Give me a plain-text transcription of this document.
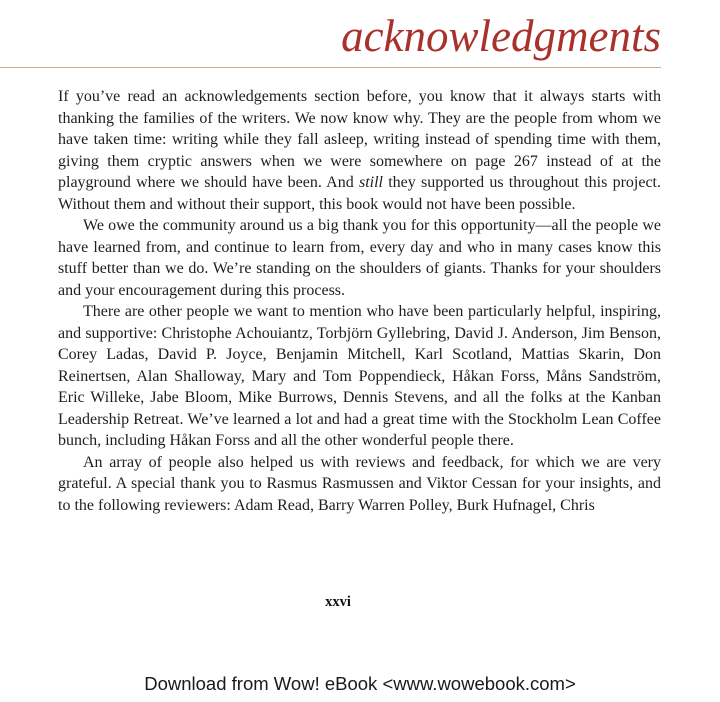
acknowledgments

If you’ve read an acknowledgements section before, you know that it always starts with thanking the families of the writers. We now know why. They are the people from whom we have taken time: writing while they fall asleep, writing instead of spending time with them, giving them cryptic answers when we were somewhere on page 267 instead of at the playground where we should have been. And still they supported us throughout this project. Without them and without their support, this book would not have been possible.

We owe the community around us a big thank you for this opportunity—all the people we have learned from, and continue to learn from, every day and who in many cases know this stuff better than we do. We’re standing on the shoulders of giants. Thanks for your shoulders and your encouragement during this process.

There are other people we want to mention who have been particularly helpful, inspiring, and supportive: Christophe Achouiantz, Torbjörn Gyllebring, David J. Anderson, Jim Benson, Corey Ladas, David P. Joyce, Benjamin Mitchell, Karl Scotland, Mattias Skarin, Don Reinertsen, Alan Shalloway, Mary and Tom Poppendieck, Håkan Forss, Måns Sandström, Eric Willeke, Jabe Bloom, Mike Burrows, Dennis Stevens, and all the folks at the Kanban Leadership Retreat. We’ve learned a lot and had a great time with the Stockholm Lean Coffee bunch, including Håkan Forss and all the other wonderful people there.

An array of people also helped us with reviews and feedback, for which we are very grateful. A special thank you to Rasmus Rasmussen and Viktor Cessan for your insights, and to the following reviewers: Adam Read, Barry Warren Polley, Burk Hufnagel, Chris

xxvi
Download from Wow! eBook <www.wowebook.com>
